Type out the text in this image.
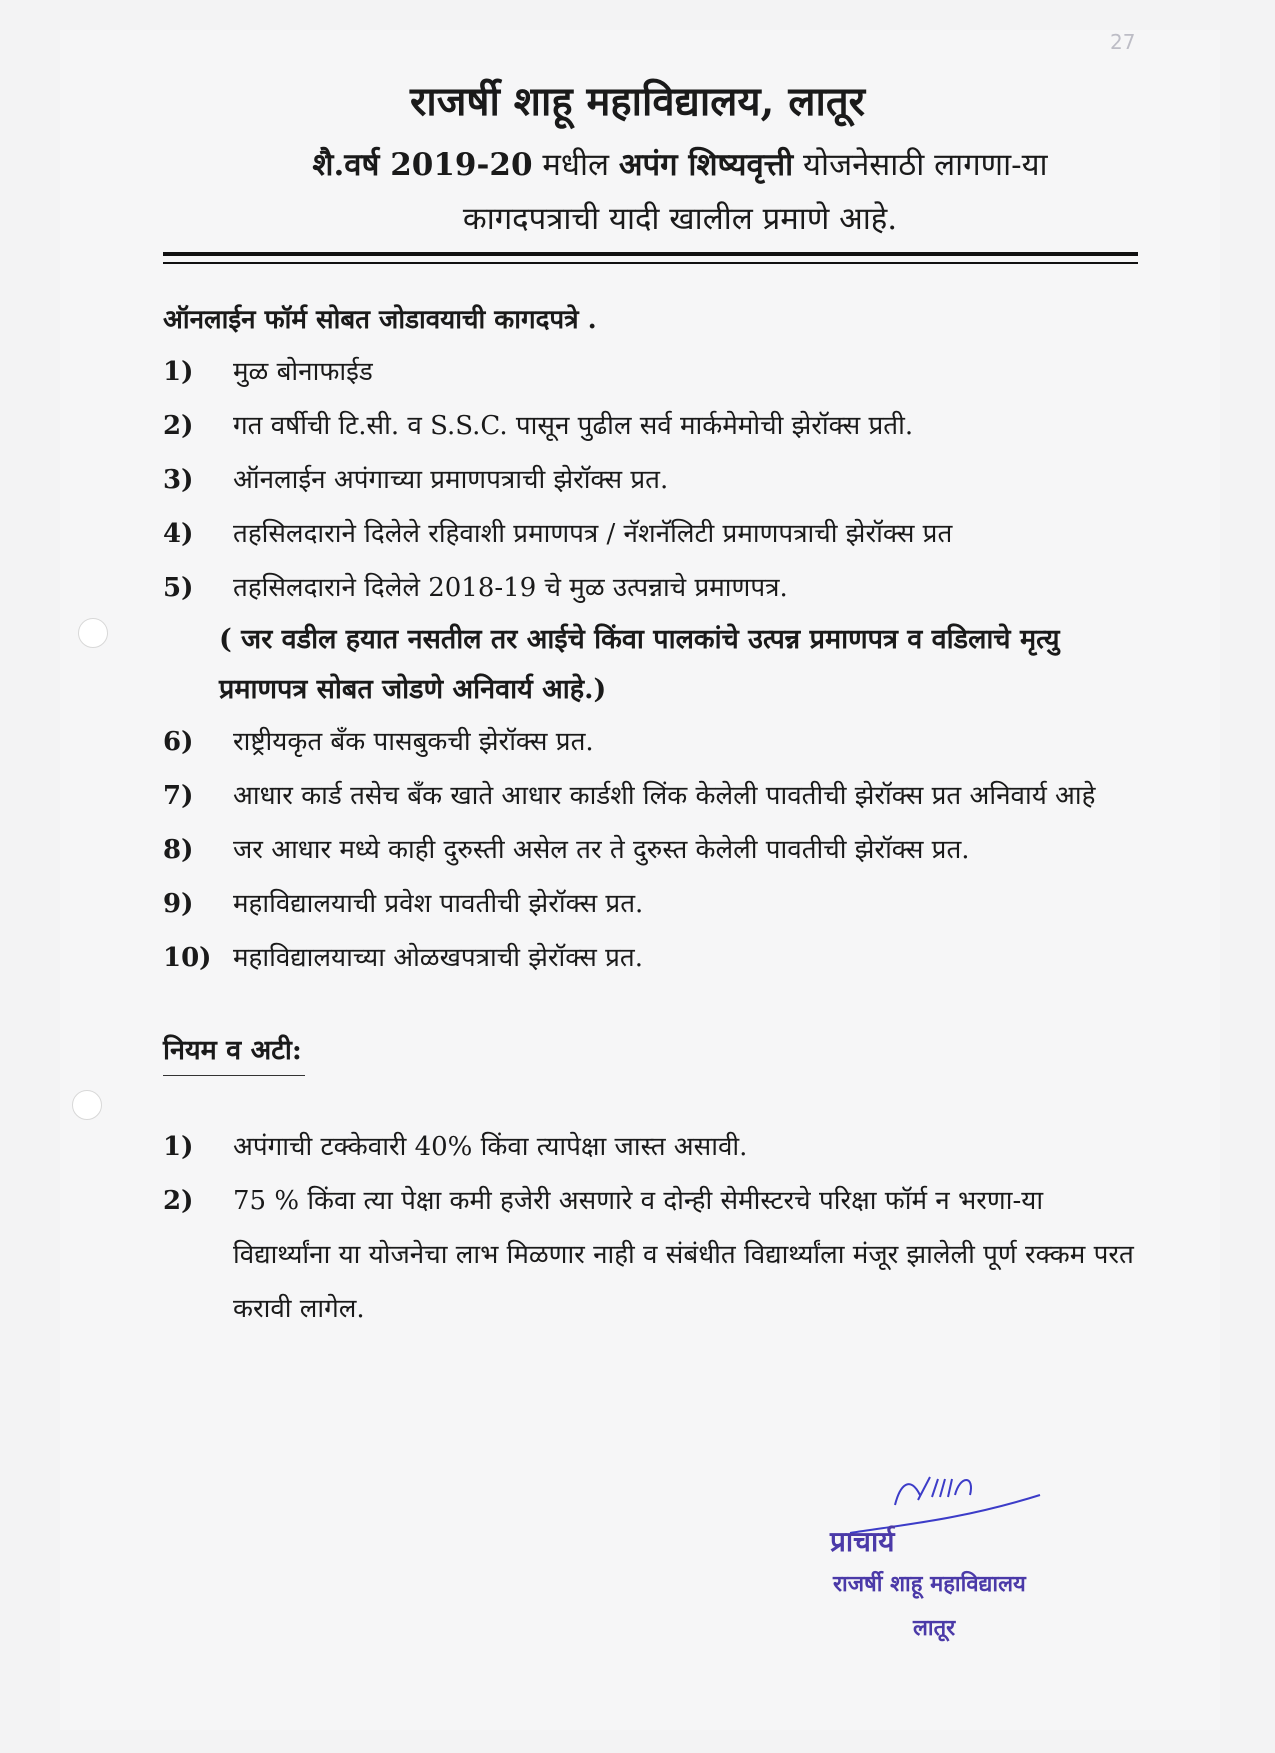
27
राजर्षी शाहू महाविद्यालय, लातूर
शै.वर्ष 2019-20 मधील अपंग शिष्यवृत्ती योजनेसाठी लागणा-या
कागदपत्राची यादी खालील प्रमाणे आहे.
ऑनलाईन फॉर्म सोबत जोडावयाची कागदपत्रे .
1) मुळ बोनाफाईड
2) गत वर्षीची टि.सी. व S.S.C. पासून पुढील सर्व मार्कमेमोची झेरॉक्स प्रती.
3) ऑनलाईन अपंगाच्या प्रमाणपत्राची झेरॉक्स प्रत.
4) तहसिलदाराने दिलेले रहिवाशी प्रमाणपत्र / नॅशनॅलिटी प्रमाणपत्राची झेरॉक्स प्रत
5) तहसिलदाराने दिलेले 2018-19 चे मुळ उत्पन्नाचे प्रमाणपत्र.
( जर वडील हयात नसतील तर आईचे किंवा पालकांचे उत्पन्न प्रमाणपत्र व वडिलाचे मृत्यु प्रमाणपत्र सोबत जोडणे अनिवार्य आहे.)
6) राष्ट्रीयकृत बँक पासबुकची झेरॉक्स प्रत.
7) आधार कार्ड तसेच बँक खाते आधार कार्डशी लिंक केलेली पावतीची झेरॉक्स प्रत अनिवार्य आहे
8) जर आधार मध्ये काही दुरुस्ती असेल तर ते दुरुस्त केलेली पावतीची झेरॉक्स प्रत.
9) महाविद्यालयाची प्रवेश पावतीची झेरॉक्स प्रत.
10) महाविद्यालयाच्या ओळखपत्राची झेरॉक्स प्रत.
नियम व अटी:
1) अपंगाची टक्केवारी 40% किंवा त्यापेक्षा जास्त असावी.
2) 75 % किंवा त्या पेक्षा कमी हजेरी असणारे व दोन्ही सेमीस्टरचे परिक्षा फॉर्म न भरणा-या विद्यार्थ्यांना या योजनेचा लाभ मिळणार नाही व संबंधीत विद्यार्थ्यांला मंजूर झालेली पूर्ण रक्कम परत करावी लागेल.
प्राचार्य
राजर्षी शाहू महाविद्यालय
लातूर
